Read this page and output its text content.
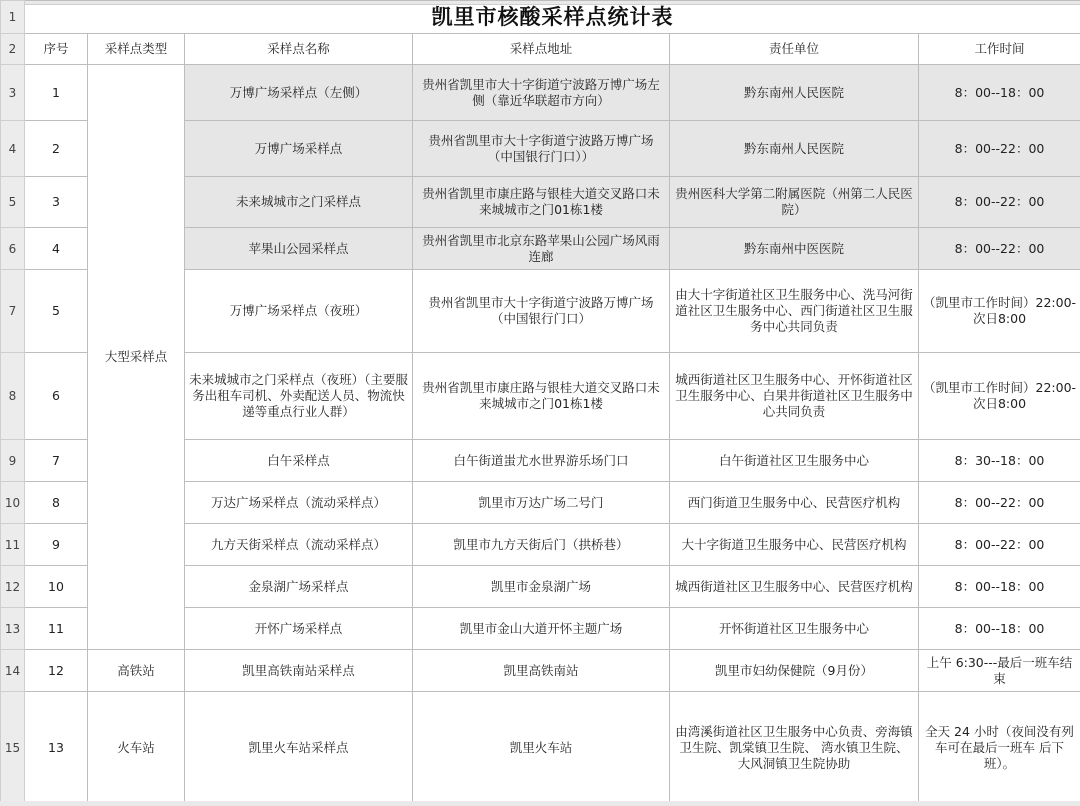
1	凯里市核酸采样点统计表					
2	序号	采样点类型	采样点名称	采样点地址	责任单位	工作时间
3	1	大型采样点	万博广场采样点（左侧）	贵州省凯里市大十字街道宁波路万博广场左侧（靠近华联超市方向）	黔东南州人民医院	8：00--18：00
4	2		万博广场采样点	贵州省凯里市大十字街道宁波路万博广场（中国银行门口））	黔东南州人民医院	8：00--22：00
5	3		未来城城市之门采样点	贵州省凯里市康庄路与银桂大道交叉路口未来城城市之门01栋1楼	贵州医科大学第二附属医院（州第二人民医院）	8：00--22：00
6	4		苹果山公园采样点	贵州省凯里市北京东路苹果山公园广场风雨连廊	黔东南州中医医院	8：00--22：00
7	5		万博广场采样点（夜班）	贵州省凯里市大十字街道宁波路万博广场（中国银行门口）	由大十字街道社区卫生服务中心、洗马河街道社区卫生服务中心、西门街道社区卫生服务中心共同负责	（凯里市工作时间）22:00-次日8:00
8	6		未来城城市之门采样点（夜班）（主要服务出租车司机、外卖配送人员、物流快递等重点行业人群）	贵州省凯里市康庄路与银桂大道交叉路口未来城城市之门01栋1楼	城西街道社区卫生服务中心、开怀街道社区卫生服务中心、白果井街道社区卫生服务中心共同负责	（凯里市工作时间）22:00-次日8:00
9	7		白午采样点	白午街道蚩尤水世界游乐场门口	白午街道社区卫生服务中心	8：30--18：00
10	8		万达广场采样点（流动采样点）	凯里市万达广场二号门	西门街道卫生服务中心、民营医疗机构	8：00--22：00
11	9		九方天街采样点（流动采样点）	凯里市九方天街后门（拱桥巷）	大十字街道卫生服务中心、民营医疗机构	8：00--22：00
12	10		金泉湖广场采样点	凯里市金泉湖广场	城西街道社区卫生服务中心、民营医疗机构	8：00--18：00
13	11		开怀广场采样点	凯里市金山大道开怀主题广场	开怀街道社区卫生服务中心	8：00--18：00
14	12	高铁站	凯里高铁南站采样点	凯里高铁南站	凯里市妇幼保健院（9月份）	上午 6:30---最后一班车结束
15	13	火车站	凯里火车站采样点	凯里火车站	由湾溪街道社区卫生服务中心负责、旁海镇卫生院、凯棠镇卫生院、 湾水镇卫生院、大风洞镇卫生院协助	全天 24 小时（夜间没有列车可在最后一班车 后下班）。
